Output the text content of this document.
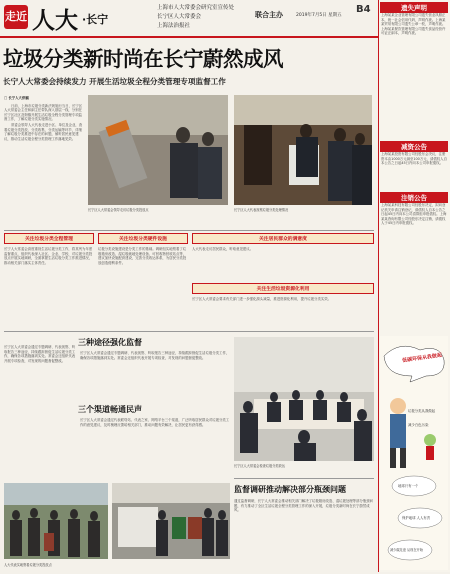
走近 人大 ·长宁
上海市人大常委会研究室宣传处
长宁区人大常委会
上海法治报社
联合主办	2019年7月5日 星期五
B4
垃圾分类新时尚在长宁蔚然成风
长宁人大常委会持续发力 开展生活垃圾全程分类管理专项监督工作
□ 长宁人大供稿

日前，上海市垃圾分类新法规施行当日，长宁区人大常委会主任和副主任带队深入基层一线，分别在长宁区社区及街镇开展生活垃圾全程分类管理专项监督工作，了解垃圾分类实施情况。

常委会领导人大代表走进小区、单位及企业，查看垃圾分类投放、分类收集、分类运输等环节，详细了解垃圾分类推进中存在的问题，倾听居民意见建议，推动生活垃圾全程分类管理工作落地见效。

长宁区人大常委会领导走访垃圾分类投放点	长宁区人大代表视察垃圾分类处理情况
关注垃圾分类全程管理
长宁人大常委会高度重视生活垃圾分类工作，将其列为年度监督重点，组织代表深入社区、企业、学校，对垃圾分类投放点开展实地调研，全面掌握生活垃圾分类工作推进情况，推动相关部门落实主体责任。
关注垃圾分类硬件设施
垃圾分类设施建设是分类工作的基础。调研组实地察看了垃圾箱房改造、湿垃圾就地处理设备、可回收物回收站点等，建议加快设施配套建设，完善分类收运体系，为居民分类投放创造便利条件。
关注居民群众的满意度
人大代表走访居民群众，听取意见建议。
关注生活垃圾资源化利用
长宁区人大常委会要求有关部门进一步强化源头减量，推进资源化利用，提升垃圾分类实效。
长宁区人大常委会通过专题调研、代表视察、听取报告三种途径，持续跟踪督促生活垃圾分类工作，确保各项措施落到实处。常委会还组织代表开展专项检查，对发现的问题督促整改。
三种途径强化监督
长宁区人大常委会通过专题调研、代表视察、听取报告三种途径，持续跟踪督促生活垃圾分类工作，确保各项措施落到实处。常委会还组织代表开展专项检查，对发现的问题督促整改。
三个渠道畅通民声
长宁区人大常委会通过代表联络站、代表之家、网络平台三个渠道，广泛听取居民群众对垃圾分类工作的意见建议，及时梳理反馈给相关部门，推动问题有效解决，让居民更有获得感。
长宁区人大常委会检查垃圾分类收运
人大代表实地察看垃圾分类投放点
监督调研推动解决部分瓶颈问题
通过监督调研，长宁人大常委会推动相关部门解决了垃圾箱房改造、湿垃圾处理等部分瓶颈问题，有力推动了全区生活垃圾全程分类管理工作的深入开展，垃圾分类新时尚在长宁蔚然成风。
遗失声明
上海某某企业管理有限公司遗失营业执照正本，统一社会信用代码，声明作废。上海某某贸易有限公司遗失公章一枚，声明作废。上海某某餐饮管理有限公司遗失食品经营许可证正副本，声明作废。
减资公告
上海某某投资有限公司经股东会决议，注册资本由1000万元减至100万元，请债权人自本公告之日起45日内向本公司申报债权。
注销公告
上海某某科技有限公司经股东决定，拟向登记机关申请注销登记，请债权人自本公告之日起45日内向本公司清算组申报债权。上海某某咨询有限公司经股东决定注销，请债权人于45日内申报债权。
低碳环保从我做起
垃圾分类从我做起
减少白色污染
地球只有一个
保护地球 人人有责
减少碳足迹 从现在开始
